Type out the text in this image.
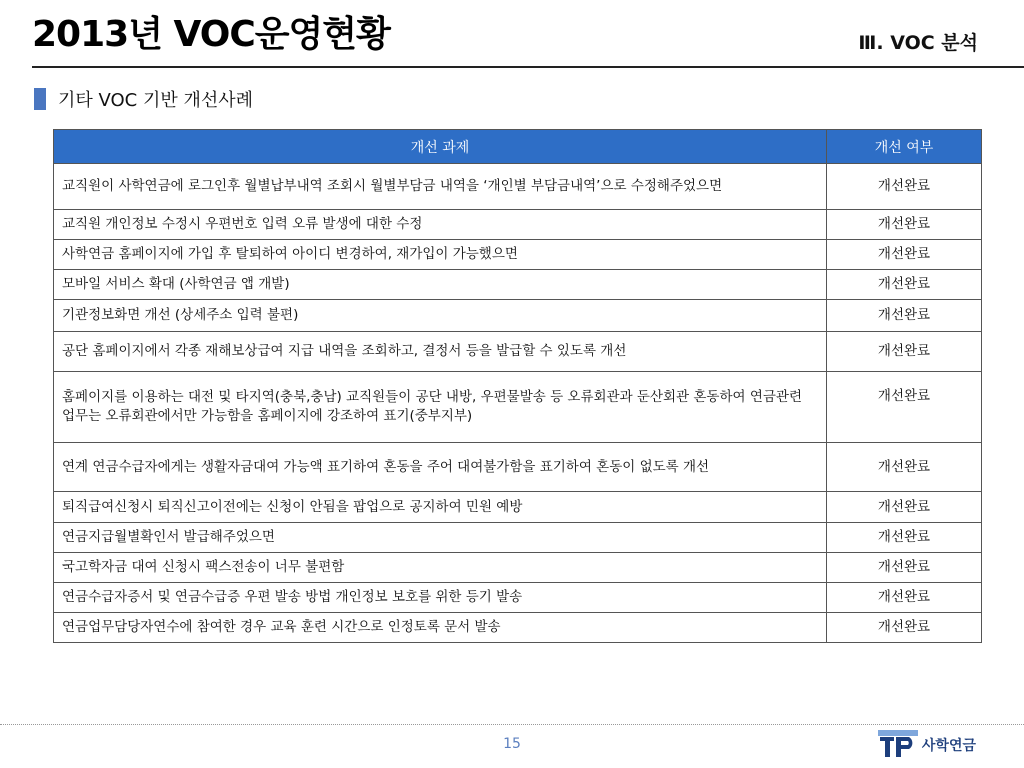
2013년 VOC운영현황	Ⅲ. VOC 분석
기타 VOC 기반 개선사례
개선 과제	개선 여부
교직원이 사학연금에 로그인후 월별납부내역 조회시 월별부담금 내역을 ‘개인별 부담금내역’으로 수정해주었으면	개선완료
교직원 개인정보 수정시 우편번호 입력 오류 발생에 대한 수정	개선완료
사학연금 홈페이지에 가입 후 탈퇴하여 아이디 변경하여, 재가입이 가능했으면	개선완료
모바일 서비스 확대 (사학연금 앱 개발)	개선완료
기관정보화면 개선 (상세주소 입력 불편)	개선완료
공단 홈페이지에서 각종 재해보상급여 지급 내역을 조회하고, 결정서 등을 발급할 수 있도록 개선	개선완료
홈페이지를 이용하는 대전 및 타지역(충북,충남) 교직원들이 공단 내방, 우편물발송 등 오류회관과 둔산회관 혼동하여 연금관련 업무는 오류회관에서만 가능함을 홈페이지에 강조하여 표기(중부지부)	개선완료
연계 연금수급자에게는 생활자금대여 가능액 표기하여 혼동을 주어 대여불가함을 표기하여 혼동이 없도록 개선	개선완료
퇴직급여신청시 퇴직신고이전에는 신청이 안됨을 팝업으로 공지하여 민원 예방	개선완료
연금지급월별확인서 발급해주었으면	개선완료
국고학자금 대여 신청시 팩스전송이 너무 불편함	개선완료
연금수급자증서 및 연금수급증 우편 발송 방법 개인정보 보호를 위한 등기 발송	개선완료
연금업무담당자연수에 참여한 경우 교육 훈련 시간으로 인정토록 문서 발송	개선완료
15	사학연금
